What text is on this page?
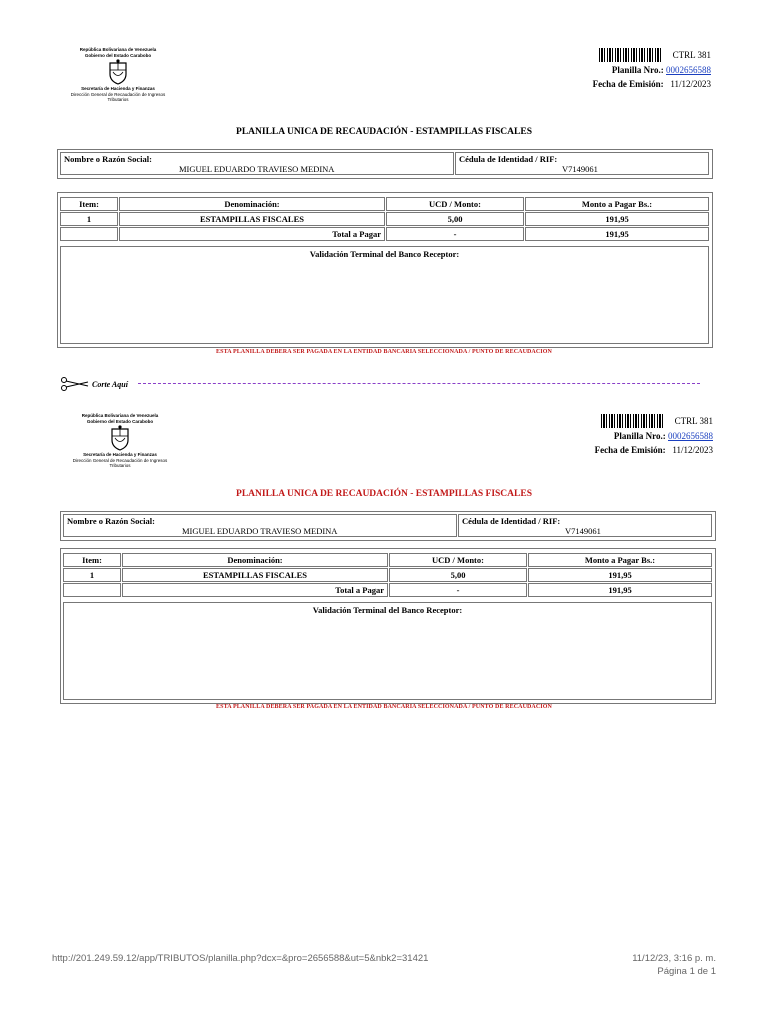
República Bolivariana de Venezuela
Gobierno del Estado Carabobo
Secretaría de Hacienda y Finanzas
Dirección General de Recaudación de Ingresos
Tributarios
CTRL 381
Planilla Nro.: 0002656588
Fecha de Emisión: 11/12/2023
PLANILLA UNICA DE RECAUDACIÓN - ESTAMPILLAS FISCALES
Nombre o Razón Social:
MIGUEL EDUARDO TRAVIESO MEDINA
Cédula de Identidad / RIF:
V7149061
Item:	Denominación:	UCD / Monto:	Monto a Pagar Bs.:
1	ESTAMPILLAS FISCALES	5,00	191,95
Total a Pagar	-	191,95
Validación Terminal del Banco Receptor:
ESTA PLANILLA DEBERA SER PAGADA EN LA ENTIDAD BANCARIA SELECCIONADA / PUNTO DE RECAUDACION
Corte Aquí
República Bolivariana de Venezuela
Gobierno del Estado Carabobo
Secretaría de Hacienda y Finanzas
Dirección General de Recaudación de Ingresos
Tributarios
CTRL 381
Planilla Nro.: 0002656588
Fecha de Emisión: 11/12/2023
PLANILLA UNICA DE RECAUDACIÓN - ESTAMPILLAS FISCALES
Nombre o Razón Social:
MIGUEL EDUARDO TRAVIESO MEDINA
Cédula de Identidad / RIF:
V7149061
Item:	Denominación:	UCD / Monto:	Monto a Pagar Bs.:
1	ESTAMPILLAS FISCALES	5,00	191,95
Total a Pagar	-	191,95
Validación Terminal del Banco Receptor:
ESTA PLANILLA DEBERA SER PAGADA EN LA ENTIDAD BANCARIA SELECCIONADA / PUNTO DE RECAUDACION
http://201.249.59.12/app/TRIBUTOS/planilla.php?dcx=&pro=2656588&ut=5&nbk2=31421	11/12/23, 3:16 p. m.
Página 1 de 1
